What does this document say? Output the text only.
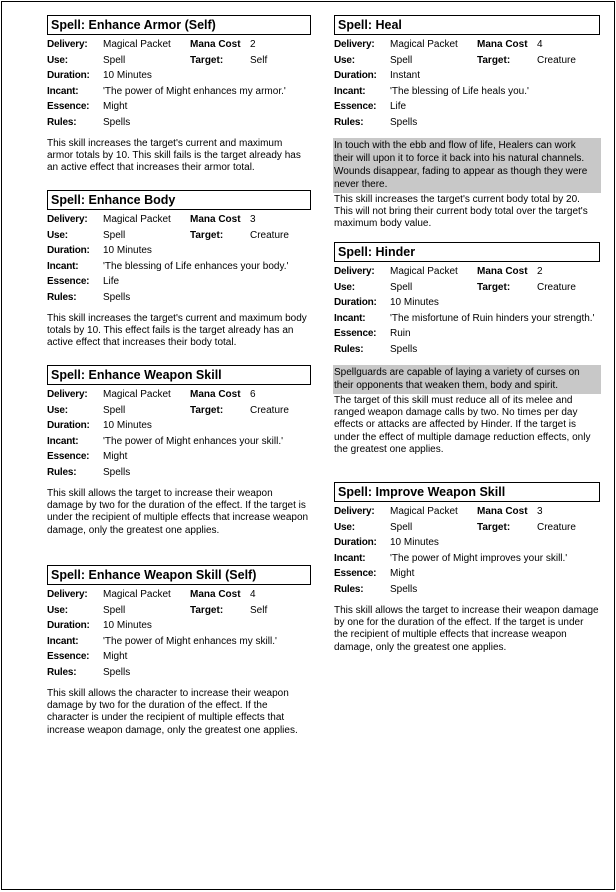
Spell: Enhance Armor (Self)
Delivery:	Magical Packet	Mana Cost 2
Use:	Spell	Target:	Self
Duration:	10 Minutes
Incant:	'The power of Might enhances my armor.'
Essence:	Might
Rules:	Spells
This skill increases the target's current and maximum armor totals by 10. This skill fails is the target already has an active effect that increases their armor total.
Spell: Enhance Body
Delivery:	Magical Packet	Mana Cost 3
Use:	Spell	Target:	Creature
Duration:	10 Minutes
Incant:	'The blessing of Life enhances your body.'
Essence:	Life
Rules:	Spells
This skill increases the target's current and maximum body totals by 10. This effect fails is the target already has an active effect that increases their body total.
Spell: Enhance Weapon Skill
Delivery:	Magical Packet	Mana Cost 6
Use:	Spell	Target:	Creature
Duration:	10 Minutes
Incant:	'The power of Might enhances your skill.'
Essence:	Might
Rules:	Spells
This skill allows the target to increase their weapon damage by two for the duration of the effect. If the target is under the recipient of multiple effects that increase weapon damage, only the greatest one applies.
Spell: Enhance Weapon Skill (Self)
Delivery:	Magical Packet	Mana Cost 4
Use:	Spell	Target:	Self
Duration:	10 Minutes
Incant:	'The power of Might enhances my skill.'
Essence:	Might
Rules:	Spells
This skill allows the character to increase their weapon damage by two for the duration of the effect. If the character is under the recipient of multiple effects that increase weapon damage, only the greatest one applies.
Spell: Heal
Delivery:	Magical Packet	Mana Cost 4
Use:	Spell	Target:	Creature
Duration:	Instant
Incant:	'The blessing of Life heals you.'
Essence:	Life
Rules:	Spells
In touch with the ebb and flow of life, Healers can work their will upon it to force it back into his natural channels. Wounds disappear, fading to appear as though they were never there.
This skill increases the target's current body total by 20. This will not bring their current body total over the target's maximum body value.
Spell: Hinder
Delivery:	Magical Packet	Mana Cost 2
Use:	Spell	Target:	Creature
Duration:	10 Minutes
Incant:	'The misfortune of Ruin hinders your strength.'
Essence:	Ruin
Rules:	Spells
Spellguards are capable of laying a variety of curses on their opponents that weaken them, body and spirit.
The target of this skill must reduce all of its melee and ranged weapon damage calls by two. No times per day effects or attacks are affected by Hinder. If the target is under the effect of multiple damage reduction effects, only the greatest one applies.
Spell: Improve Weapon Skill
Delivery:	Magical Packet	Mana Cost 3
Use:	Spell	Target:	Creature
Duration:	10 Minutes
Incant:	'The power of Might improves your skill.'
Essence:	Might
Rules:	Spells
This skill allows the target to increase their weapon damage by one for the duration of the effect. If the target is under the recipient of multiple effects that increase weapon damage, only the greatest one applies.
